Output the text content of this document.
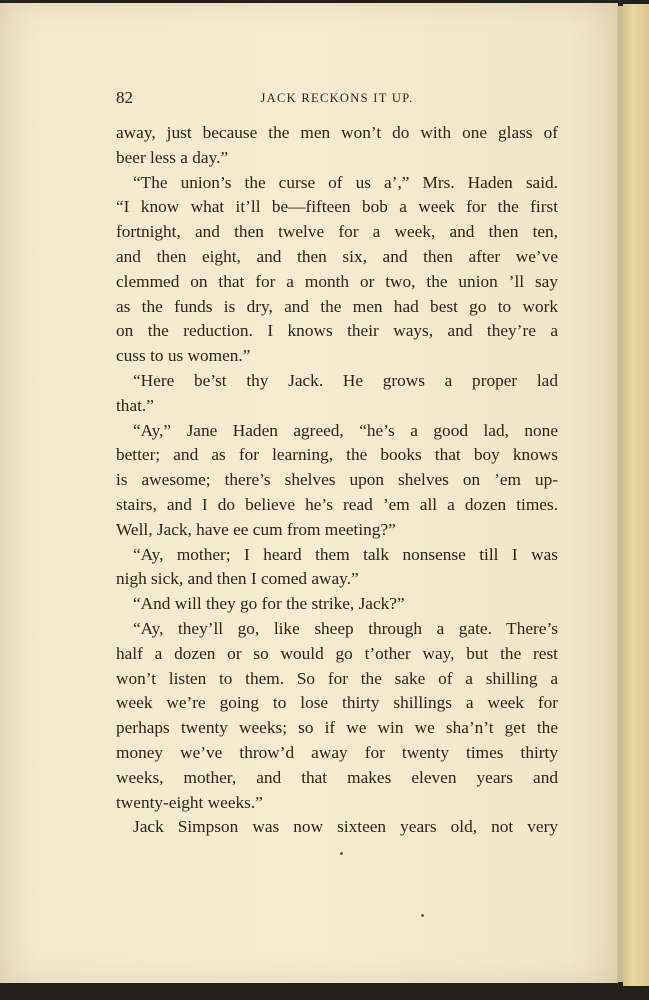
82	JACK RECKONS IT UP.

away, just because the men won’t do with one glass of
beer less a day.”

“The union’s the curse of us a’,” Mrs. Haden said.
“I know what it’ll be—fifteen bob a week for the first
fortnight, and then twelve for a week, and then ten,
and then eight, and then six, and then after we’ve
clemmed on that for a month or two, the union ’ll say
as the funds is dry, and the men had best go to work
on the reduction. I knows their ways, and they’re a
cuss to us women.”

“Here be’st thy Jack. He grows a proper lad
that.”

“Ay,” Jane Haden agreed, “he’s a good lad, none
better; and as for learning, the books that boy knows
is awesome; there’s shelves upon shelves on ’em up-
stairs, and I do believe he’s read ’em all a dozen times.
Well, Jack, have ee cum from meeting?”

“Ay, mother; I heard them talk nonsense till I was
nigh sick, and then I comed away.”

“And will they go for the strike, Jack?”

“Ay, they’ll go, like sheep through a gate. There’s
half a dozen or so would go t’other way, but the rest
won’t listen to them. So for the sake of a shilling a
week we’re going to lose thirty shillings a week for
perhaps twenty weeks; so if we win we sha’n’t get the
money we’ve throw’d away for twenty times thirty
weeks, mother, and that makes eleven years and
twenty-eight weeks.”

Jack Simpson was now sixteen years old, not very
